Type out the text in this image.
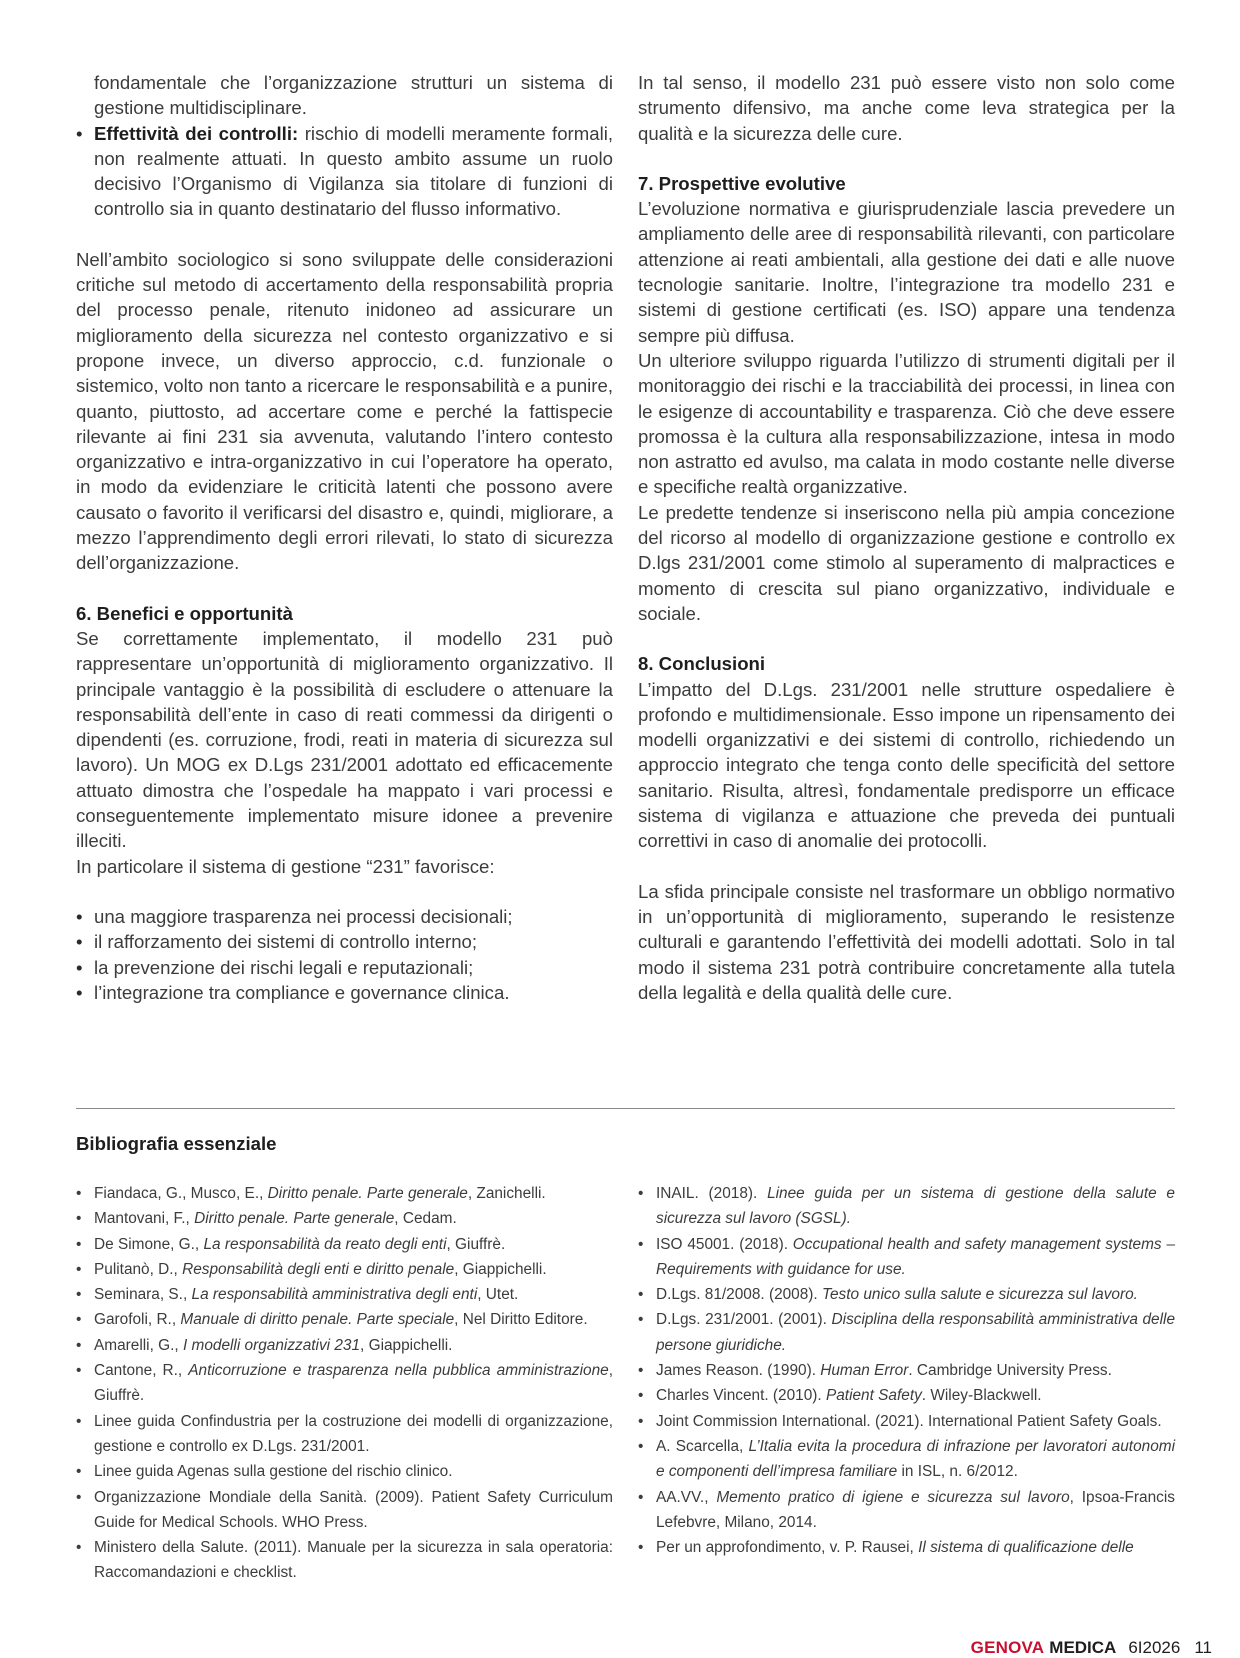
fondamentale che l’organizzazione strutturi un sistema di gestione multidisciplinare.
• Effettività dei controlli: rischio di modelli meramente formali, non realmente attuati. In questo ambito assume un ruolo decisivo l’Organismo di Vigilanza sia titolare di funzioni di controllo sia in quanto destinatario del flusso informativo.

Nell’ambito sociologico si sono sviluppate delle considerazioni critiche sul metodo di accertamento della responsabilità propria del processo penale, ritenuto inidoneo ad assicurare un miglioramento della sicurezza nel contesto organizzativo e si propone invece, un diverso approccio, c.d. funzionale o sistemico, volto non tanto a ricercare le responsabilità e a punire, quanto, piuttosto, ad accertare come e perché la fattispecie rilevante ai fini 231 sia avvenuta, valutando l’intero contesto organizzativo e intra-organizzativo in cui l’operatore ha operato, in modo da evidenziare le criticità latenti che possono avere causato o favorito il verificarsi del disastro e, quindi, migliorare, a mezzo l’apprendimento degli errori rilevati, lo stato di sicurezza dell’organizzazione.

6. Benefici e opportunità

Se correttamente implementato, il modello 231 può rappresentare un’opportunità di miglioramento organizzativo. Il principale vantaggio è la possibilità di escludere o attenuare la responsabilità dell’ente in caso di reati commessi da dirigenti o dipendenti (es. corruzione, frodi, reati in materia di sicurezza sul lavoro). Un MOG ex D.Lgs 231/2001 adottato ed efficacemente attuato dimostra che l’ospedale ha mappato i vari processi e conseguentemente implementato misure idonee a prevenire illeciti.

In particolare il sistema di gestione “231” favorisce:

• una maggiore trasparenza nei processi decisionali;
• il rafforzamento dei sistemi di controllo interno;
• la prevenzione dei rischi legali e reputazionali;
• l’integrazione tra compliance e governance clinica.

In tal senso, il modello 231 può essere visto non solo come strumento difensivo, ma anche come leva strategica per la qualità e la sicurezza delle cure.

7. Prospettive evolutive

L’evoluzione normativa e giurisprudenziale lascia prevedere un ampliamento delle aree di responsabilità rilevanti, con particolare attenzione ai reati ambientali, alla gestione dei dati e alle nuove tecnologie sanitarie. Inoltre, l’integrazione tra modello 231 e sistemi di gestione certificati (es. ISO) appare una tendenza sempre più diffusa.

Un ulteriore sviluppo riguarda l’utilizzo di strumenti digitali per il monitoraggio dei rischi e la tracciabilità dei processi, in linea con le esigenze di accountability e trasparenza. Ciò che deve essere promossa è la cultura alla responsabilizzazione, intesa in modo non astratto ed avulso, ma calata in modo costante nelle diverse e specifiche realtà organizzative.

Le predette tendenze si inseriscono nella più ampia concezione del ricorso al modello di organizzazione gestione e controllo ex D.lgs 231/2001 come stimolo al superamento di malpractices e momento di crescita sul piano organizzativo, individuale e sociale.

8. Conclusioni

L’impatto del D.Lgs. 231/2001 nelle strutture ospedaliere è profondo e multidimensionale. Esso impone un ripensamento dei modelli organizzativi e dei sistemi di controllo, richiedendo un approccio integrato che tenga conto delle specificità del settore sanitario. Risulta, altresì, fondamentale predisporre un efficace sistema di vigilanza e attuazione che preveda dei puntuali correttivi in caso di anomalie dei protocolli.

La sfida principale consiste nel trasformare un obbligo normativo in un’opportunità di miglioramento, superando le resistenze culturali e garantendo l’effettività dei modelli adottati. Solo in tal modo il sistema 231 potrà contribuire concretamente alla tutela della legalità e della qualità delle cure.

Bibliografia essenziale

• Fiandaca, G., Musco, E., Diritto penale. Parte generale, Zanichelli.
• Mantovani, F., Diritto penale. Parte generale, Cedam.
• De Simone, G., La responsabilità da reato degli enti, Giuffrè.
• Pulitanò, D., Responsabilità degli enti e diritto penale, Giappichelli.
• Seminara, S., La responsabilità amministrativa degli enti, Utet.
• Garofoli, R., Manuale di diritto penale. Parte speciale, Nel Diritto Editore.
• Amarelli, G., I modelli organizzativi 231, Giappichelli.
• Cantone, R., Anticorruzione e trasparenza nella pubblica amministrazione, Giuffrè.
• Linee guida Confindustria per la costruzione dei modelli di organizzazione, gestione e controllo ex D.Lgs. 231/2001.
• Linee guida Agenas sulla gestione del rischio clinico.
• Organizzazione Mondiale della Sanità. (2009). Patient Safety Curriculum Guide for Medical Schools. WHO Press.
• Ministero della Salute. (2011). Manuale per la sicurezza in sala operatoria: Raccomandazioni e checklist.
• INAIL. (2018). Linee guida per un sistema di gestione della salute e sicurezza sul lavoro (SGSL).
• ISO 45001. (2018). Occupational health and safety management systems – Requirements with guidance for use.
• D.Lgs. 81/2008. (2008). Testo unico sulla salute e sicurezza sul lavoro.
• D.Lgs. 231/2001. (2001). Disciplina della responsabilità amministrativa delle persone giuridiche.
• James Reason. (1990). Human Error. Cambridge University Press.
• Charles Vincent. (2010). Patient Safety. Wiley-Blackwell.
• Joint Commission International. (2021). International Patient Safety Goals.
• A. Scarcella, L’Italia evita la procedura di infrazione per lavoratori autonomi e componenti dell’impresa familiare in ISL, n. 6/2012.
• AA.VV., Memento pratico di igiene e sicurezza sul lavoro, Ipsoa-Francis Lefebvre, Milano, 2014.
• Per un approfondimento, v. P. Rausei, Il sistema di qualificazione delle
GENOVA MEDICA 6I2026 11
